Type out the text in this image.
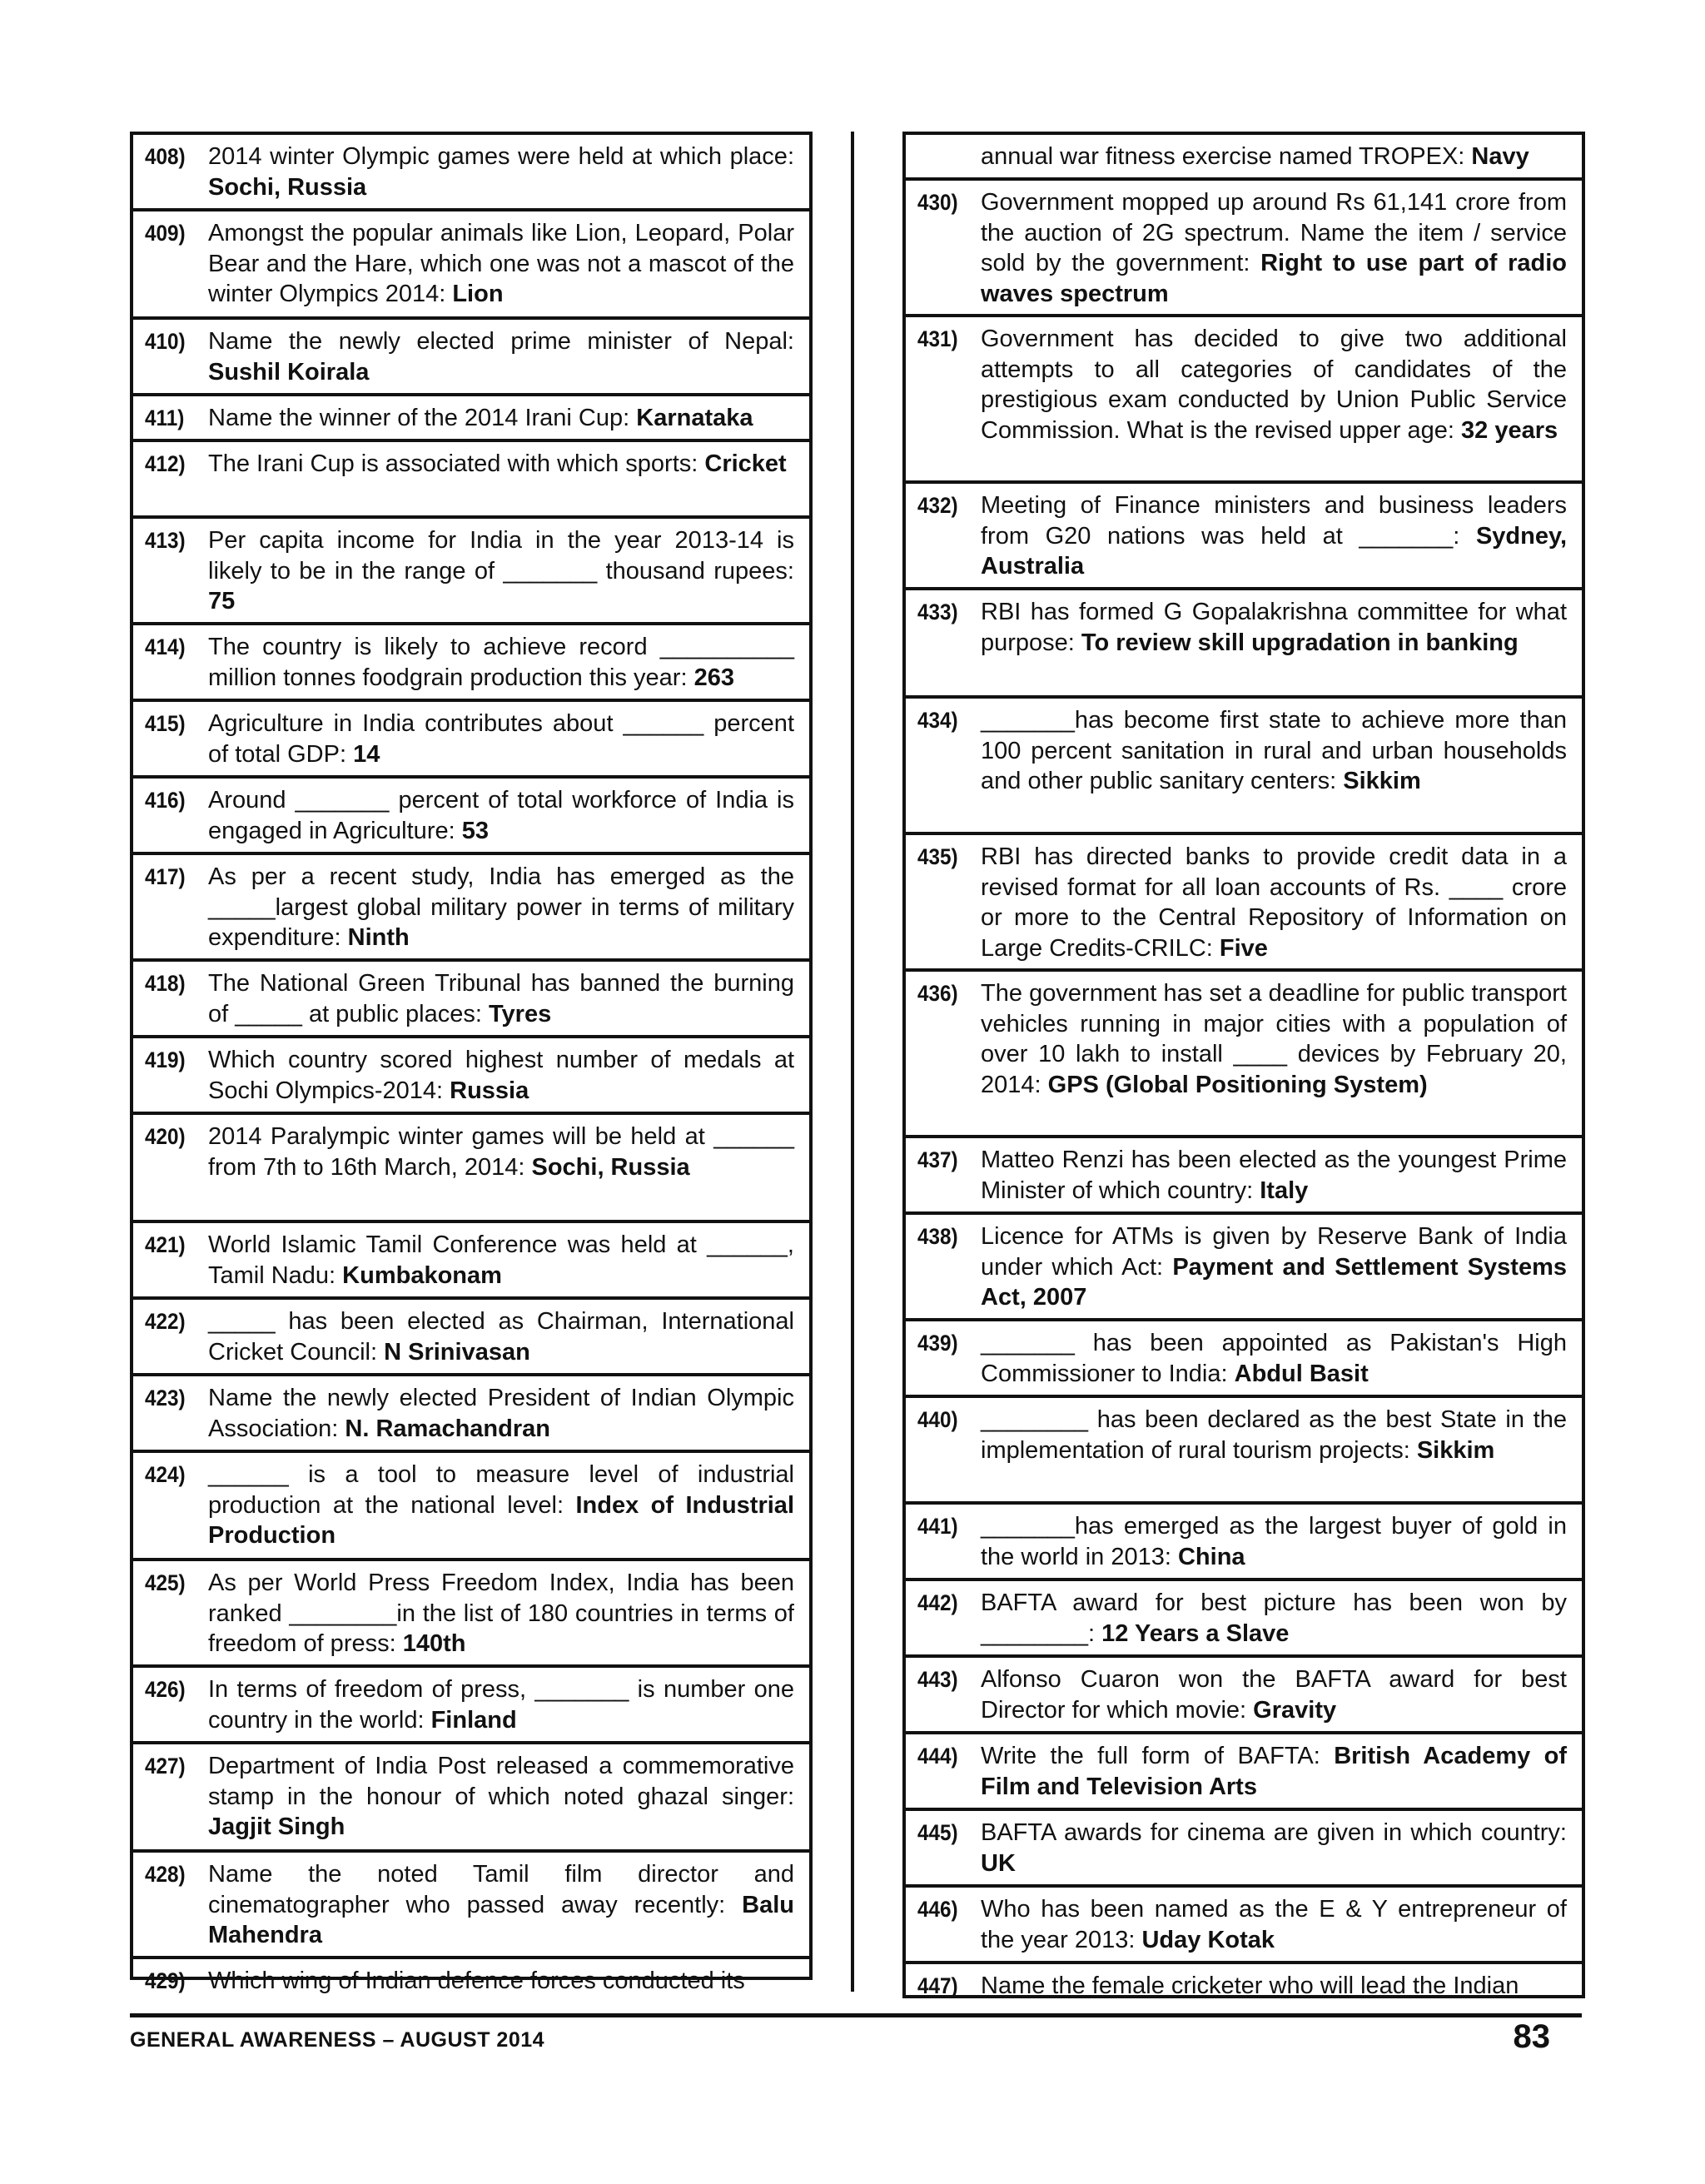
408) 2014 winter Olympic games were held at which place: Sochi, Russia
409) Amongst the popular animals like Lion, Leopard, Polar Bear and the Hare, which one was not a mascot of the winter Olympics 2014: Lion
410) Name the newly elected prime minister of Nepal: Sushil Koirala
411) Name the winner of the 2014 Irani Cup: Karnataka
412) The Irani Cup is associated with which sports: Cricket
413) Per capita income for India in the year 2013-14 is likely to be in the range of _______ thousand rupees: 75
414) The country is likely to achieve record __________ million tonnes foodgrain production this year: 263
415) Agriculture in India contributes about ______ percent of total GDP: 14
416) Around _______ percent of total workforce of India is engaged in Agriculture: 53
417) As per a recent study, India has emerged as the _____largest global military power in terms of military expenditure: Ninth
418) The National Green Tribunal has banned the burning of _____ at public places: Tyres
419) Which country scored highest number of medals at Sochi Olympics-2014: Russia
420) 2014 Paralympic winter games will be held at ______ from 7th to 16th March, 2014: Sochi, Russia
421) World Islamic Tamil Conference was held at ______, Tamil Nadu: Kumbakonam
422) _____ has been elected as Chairman, International Cricket Council: N Srinivasan
423) Name the newly elected President of Indian Olympic Association: N. Ramachandran
424) ______ is a tool to measure level of industrial production at the national level: Index of Industrial Production
425) As per World Press Freedom Index, India has been ranked ________in the list of 180 countries in terms of freedom of press: 140th
426) In terms of freedom of press, _______ is number one country in the world: Finland
427) Department of India Post released a commemorative stamp in the honour of which noted ghazal singer: Jagjit Singh
428) Name the noted Tamil film director and cinematographer who passed away recently: Balu Mahendra
429) Which wing of Indian defence forces conducted its
annual war fitness exercise named TROPEX: Navy
430) Government mopped up around Rs 61,141 crore from the auction of 2G spectrum. Name the item / service sold by the government: Right to use part of radio waves spectrum
431) Government has decided to give two additional attempts to all categories of candidates of the prestigious exam conducted by Union Public Service Commission. What is the revised upper age: 32 years
432) Meeting of Finance ministers and business leaders from G20 nations was held at _______: Sydney, Australia
433) RBI has formed G Gopalakrishna committee for what purpose: To review skill upgradation in banking
434) _______has become first state to achieve more than 100 percent sanitation in rural and urban households and other public sanitary centers: Sikkim
435) RBI has directed banks to provide credit data in a revised format for all loan accounts of Rs. ____ crore or more to the Central Repository of Information on Large Credits-CRILC: Five
436) The government has set a deadline for public transport vehicles running in major cities with a population of over 10 lakh to install ____ devices by February 20, 2014: GPS (Global Positioning System)
437) Matteo Renzi has been elected as the youngest Prime Minister of which country: Italy
438) Licence for ATMs is given by Reserve Bank of India under which Act: Payment and Settlement Systems Act, 2007
439) _______ has been appointed as Pakistan's High Commissioner to India: Abdul Basit
440) ________ has been declared as the best State in the implementation of rural tourism projects: Sikkim
441) _______has emerged as the largest buyer of gold in the world in 2013: China
442) BAFTA award for best picture has been won by ________: 12 Years a Slave
443) Alfonso Cuaron won the BAFTA award for best Director for which movie: Gravity
444) Write the full form of BAFTA: British Academy of Film and Television Arts
445) BAFTA awards for cinema are given in which country: UK
446) Who has been named as the E & Y entrepreneur of the year 2013: Uday Kotak
447) Name the female cricketer who will lead the Indian
GENERAL AWARENESS – AUGUST 2014	83
